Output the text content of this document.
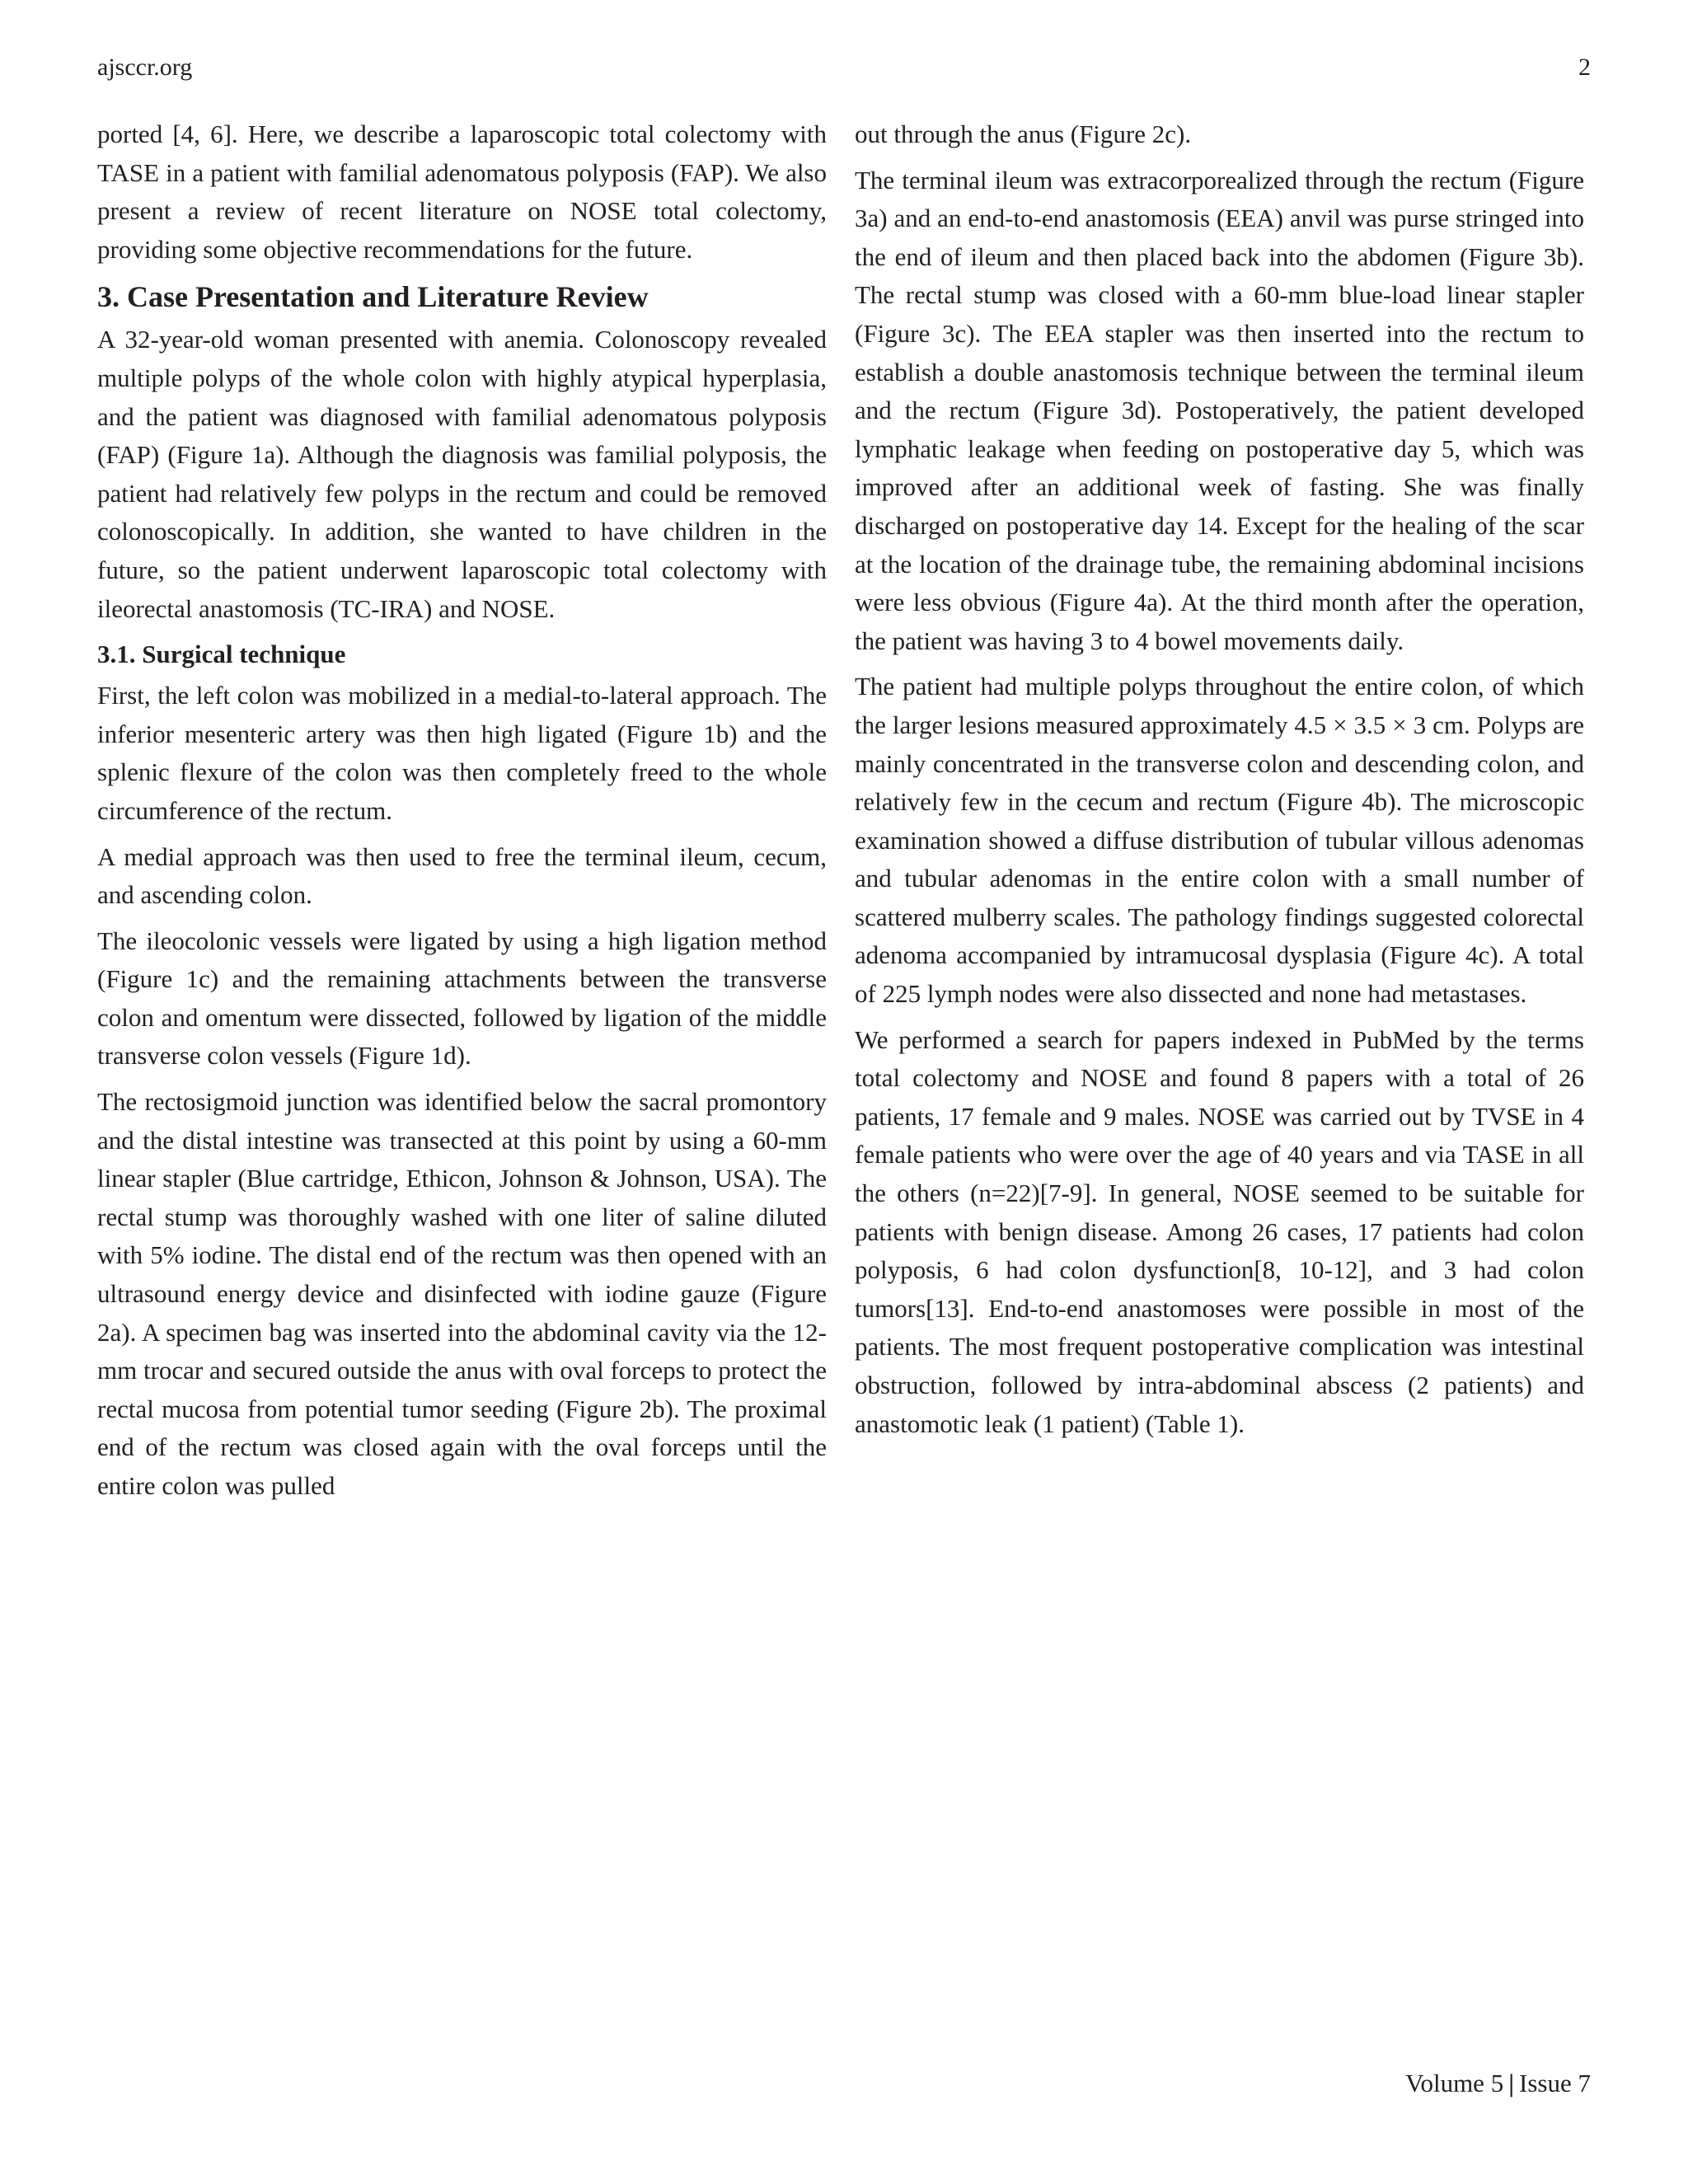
ajsccr.org	2

ported [4, 6]. Here, we describe a laparoscopic total colectomy with TASE in a patient with familial adenomatous polyposis (FAP). We also present a review of recent literature on NOSE total colectomy, providing some objective recommendations for the future.

3. Case Presentation and Literature Review

A 32-year-old woman presented with anemia. Colonoscopy revealed multiple polyps of the whole colon with highly atypical hyperplasia, and the patient was diagnosed with familial adenomatous polyposis (FAP) (Figure 1a). Although the diagnosis was familial polyposis, the patient had relatively few polyps in the rectum and could be removed colonoscopically. In addition, she wanted to have children in the future, so the patient underwent laparoscopic total colectomy with ileorectal anastomosis (TC-IRA) and NOSE.

3.1. Surgical technique

First, the left colon was mobilized in a medial-to-lateral approach. The inferior mesenteric artery was then high ligated (Figure 1b) and the splenic flexure of the colon was then completely freed to the whole circumference of the rectum.

A medial approach was then used to free the terminal ileum, cecum, and ascending colon.

The ileocolonic vessels were ligated by using a high ligation method (Figure 1c) and the remaining attachments between the transverse colon and omentum were dissected, followed by ligation of the middle transverse colon vessels (Figure 1d).

The rectosigmoid junction was identified below the sacral promontory and the distal intestine was transected at this point by using a 60-mm linear stapler (Blue cartridge, Ethicon, Johnson & Johnson, USA). The rectal stump was thoroughly washed with one liter of saline diluted with 5% iodine. The distal end of the rectum was then opened with an ultrasound energy device and disinfected with iodine gauze (Figure 2a). A specimen bag was inserted into the abdominal cavity via the 12-mm trocar and secured outside the anus with oval forceps to protect the rectal mucosa from potential tumor seeding (Figure 2b). The proximal end of the rectum was closed again with the oval forceps until the entire colon was pulled

out through the anus (Figure 2c).

The terminal ileum was extracorporealized through the rectum (Figure 3a) and an end-to-end anastomosis (EEA) anvil was purse stringed into the end of ileum and then placed back into the abdomen (Figure 3b). The rectal stump was closed with a 60-mm blue-load linear stapler (Figure 3c). The EEA stapler was then inserted into the rectum to establish a double anastomosis technique between the terminal ileum and the rectum (Figure 3d). Postoperatively, the patient developed lymphatic leakage when feeding on postoperative day 5, which was improved after an additional week of fasting. She was finally discharged on postoperative day 14. Except for the healing of the scar at the location of the drainage tube, the remaining abdominal incisions were less obvious (Figure 4a). At the third month after the operation, the patient was having 3 to 4 bowel movements daily.

The patient had multiple polyps throughout the entire colon, of which the larger lesions measured approximately 4.5 × 3.5 × 3 cm. Polyps are mainly concentrated in the transverse colon and descending colon, and relatively few in the cecum and rectum (Figure 4b). The microscopic examination showed a diffuse distribution of tubular villous adenomas and tubular adenomas in the entire colon with a small number of scattered mulberry scales. The pathology findings suggested colorectal adenoma accompanied by intramucosal dysplasia (Figure 4c). A total of 225 lymph nodes were also dissected and none had metastases.

We performed a search for papers indexed in PubMed by the terms total colectomy and NOSE and found 8 papers with a total of 26 patients, 17 female and 9 males. NOSE was carried out by TVSE in 4 female patients who were over the age of 40 years and via TASE in all the others (n=22)[7-9]. In general, NOSE seemed to be suitable for patients with benign disease. Among 26 cases, 17 patients had colon polyposis, 6 had colon dysfunction[8, 10-12], and 3 had colon tumors[13]. End-to-end anastomoses were possible in most of the patients. The most frequent postoperative complication was intestinal obstruction, followed by intra-abdominal abscess (2 patients) and anastomotic leak (1 patient) (Table 1).

Volume 5 | Issue 7
